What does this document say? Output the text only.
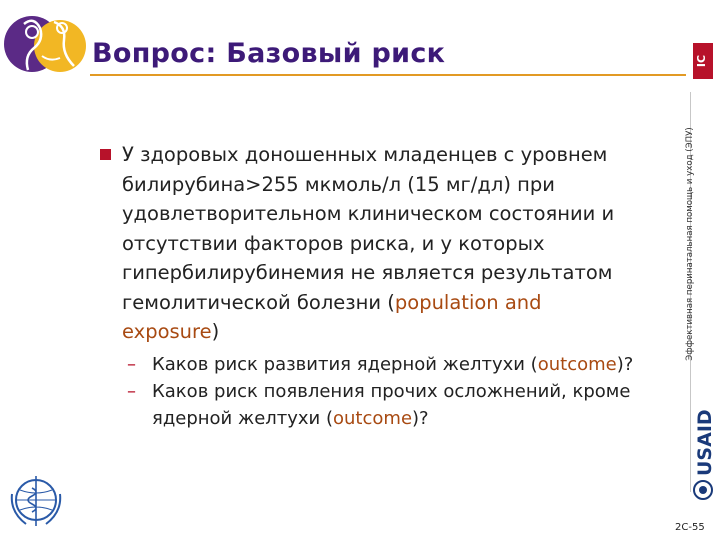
Вопрос: Базовый риск	IC
У здоровых доношенных младенцев с уровнем
билирубина>255 мкмоль/л (15 мг/дл) при
удовлетворительном клиническом состоянии и
отсутствии факторов риска, и у которых
гипербилирубинемия не является результатом
гемолитической болезни (population and
exposure)
– Каков риск развития ядерной желтухи (outcome)?
– Каков риск появления прочих осложнений, кроме
ядерной желтухи (outcome)?
Эффективная перинатальная помощь и уход (ЭПУ)
USAID
2C-55
